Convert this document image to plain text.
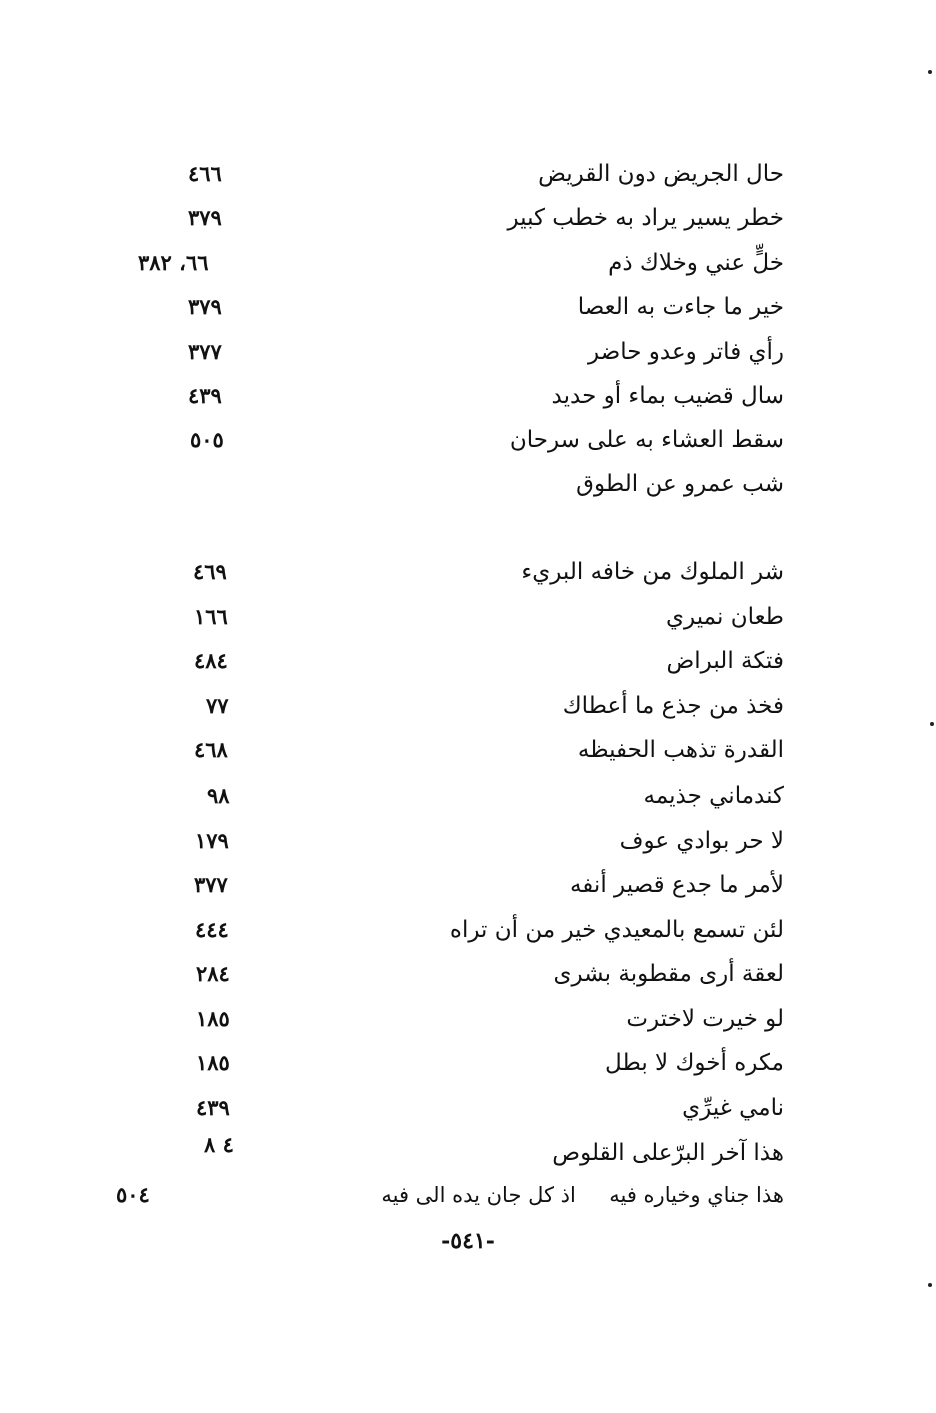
حال الجريض دون القريض
٤٦٦
خطر يسير يراد به خطب كبير
٣٧٩
خلٍّ عني وخلاك ذم
٦٦، ٣٨٢
خير ما جاءت به العصا
٣٧٩
رأي فاتر وعدو حاضر
٣٧٧
سال قضيب بماء أو حديد
٤٣٩
سقط العشاء به على سرحان
٥٠٥
شب عمرو عن الطوق
شر الملوك من خافه البريء
٤٦٩
طعان نميري
١٦٦
فتكة البراض
٤٨٤
فخذ من جذع ما أعطاك
٧٧
القدرة تذهب الحفيظه
٤٦٨
كندماني جذيمه
٩٨
لا حر بوادي عوف
١٧٩
لأمر ما جدع قصير أنفه
٣٧٧
لئن تسمع بالمعيدي خير من أن تراه
٤٤٤
لعقة أرى مقطوبة بشرى
٢٨٤
لو خيرت لاخترت
١٨٥
مكره أخوك لا بطل
١٨٥
نامي غيرِّي
٤٣٩
هذا آخر البرّعلى القلوص
٤ ٨
هذا جناي وخياره فيه     اذ كل جان يده الى فيه
٥٠٤
-٥٤١-
